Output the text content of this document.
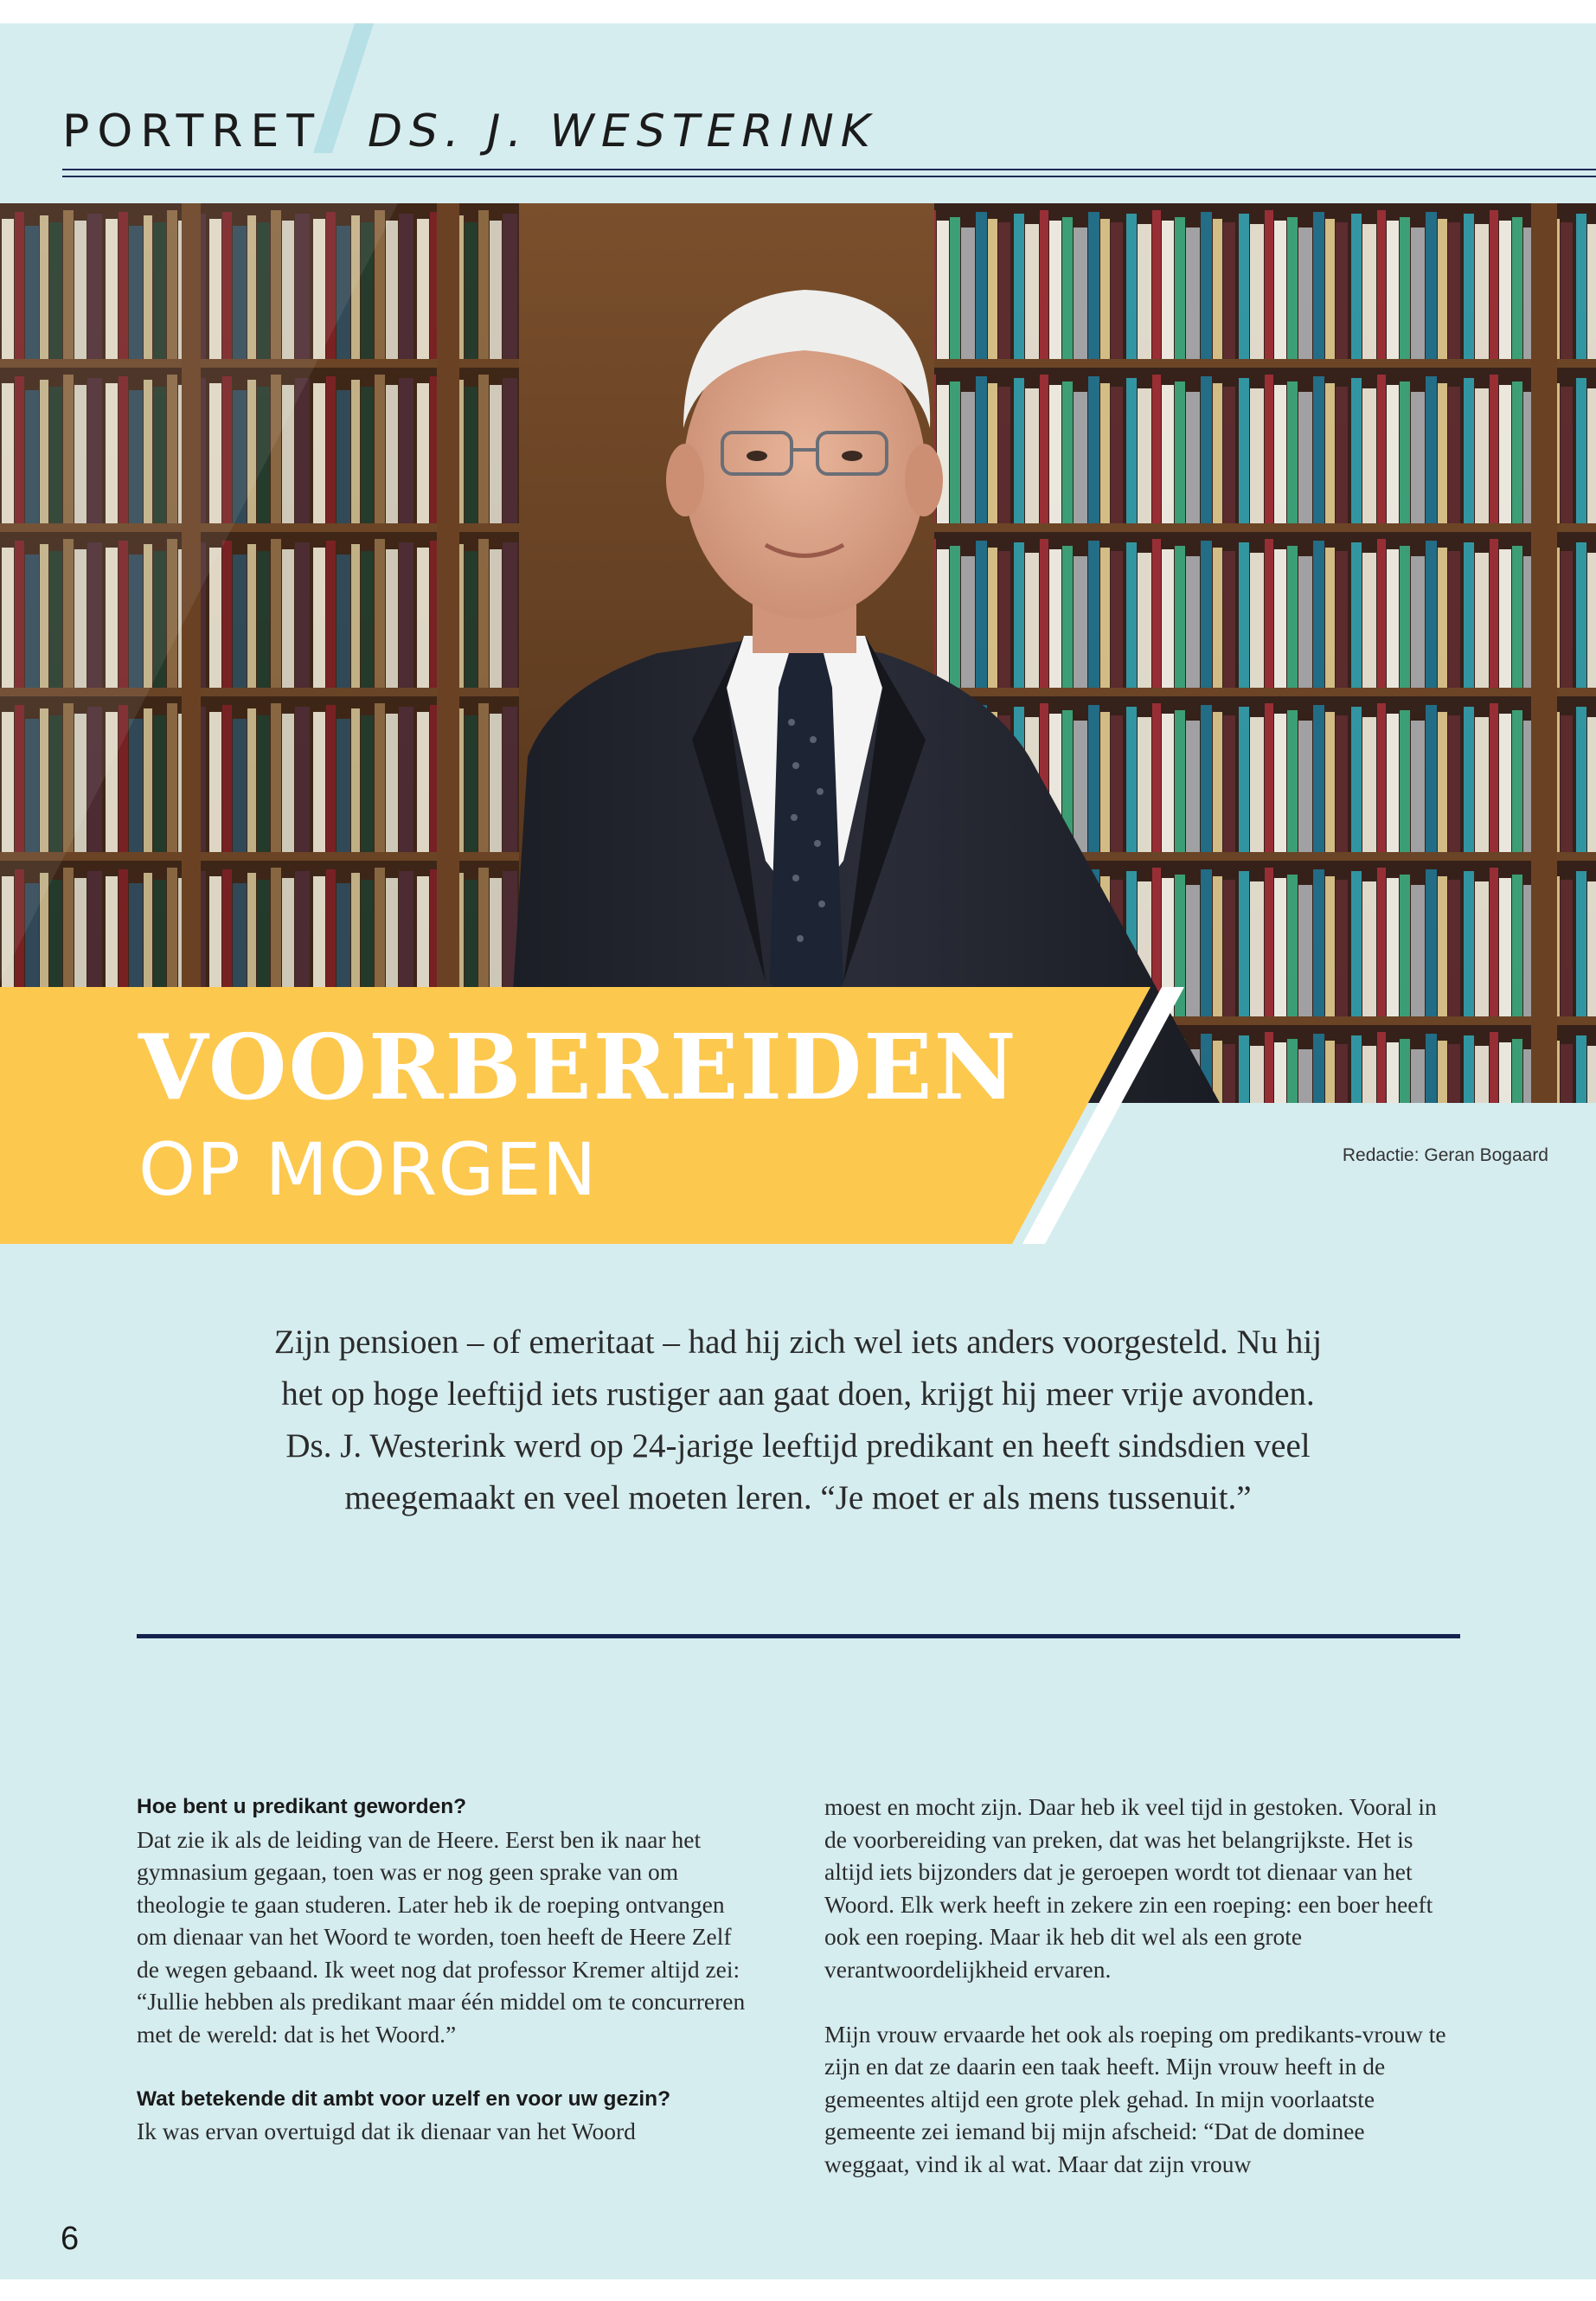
PORTRET DS. J. WESTERINK
VOORBEREIDEN
OP MORGEN	Redactie: Geran Bogaard
Zijn pensioen – of emeritaat – had hij zich wel iets anders voorgesteld. Nu hij het op hoge leeftijd iets rustiger aan gaat doen, krijgt hij meer vrije avonden. Ds. J. Westerink werd op 24-jarige leeftijd predikant en heeft sindsdien veel meegemaakt en veel moeten leren. “Je moet er als mens tussenuit.”

Hoe bent u predikant geworden?

Dat zie ik als de leiding van de Heere. Eerst ben ik naar het gymnasium gegaan, toen was er nog geen sprake van om theologie te gaan studeren. Later heb ik de roeping ontvangen om dienaar van het Woord te worden, toen heeft de Heere Zelf de wegen gebaand. Ik weet nog dat professor Kremer altijd zei: “Jullie hebben als predikant maar één middel om te concurreren met de wereld: dat is het Woord.”

Wat betekende dit ambt voor uzelf en voor uw gezin?

Ik was ervan overtuigd dat ik dienaar van het Woord

moest en mocht zijn. Daar heb ik veel tijd in gestoken. Vooral in de voorbereiding van preken, dat was het belangrijkste. Het is altijd iets bijzonders dat je geroepen wordt tot dienaar van het Woord. Elk werk heeft in zekere zin een roeping: een boer heeft ook een roeping. Maar ik heb dit wel als een grote verantwoordelijkheid ervaren.

Mijn vrouw ervaarde het ook als roeping om predikants-vrouw te zijn en dat ze daarin een taak heeft. Mijn vrouw heeft in de gemeentes altijd een grote plek gehad. In mijn voorlaatste gemeente zei iemand bij mijn afscheid: “Dat de dominee weggaat, vind ik al wat. Maar dat zijn vrouw

6
